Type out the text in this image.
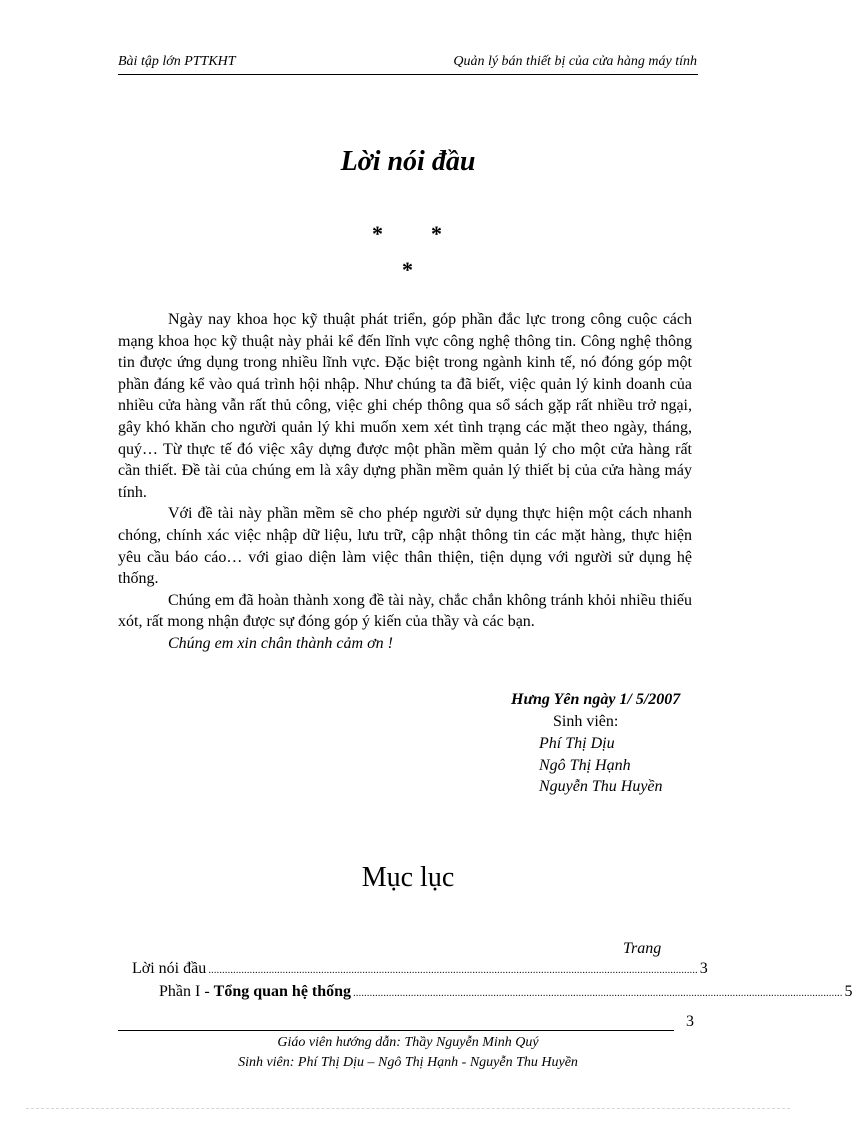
Bài tập lớn PTTKHT	Quản lý bán thiết bị của cửa hàng máy tính
Lời nói đầu
* *
*

Ngày nay khoa học kỹ thuật phát triển, góp phần đắc lực trong công cuộc cách mạng khoa học kỹ thuật này phải kể đến lĩnh vực công nghệ thông tin. Công nghệ thông tin được ứng dụng trong nhiều lĩnh vực. Đặc biệt trong ngành kinh tế, nó đóng góp một phần đáng kể vào quá trình hội nhập. Như chúng ta đã biết, việc quản lý kinh doanh của nhiều cửa hàng vẫn rất thủ công, việc ghi chép thông qua sổ sách gặp rất nhiều trở ngại, gây khó khăn cho người quản lý khi muốn xem xét tình trạng các mặt theo ngày, tháng, quý… Từ thực tế đó việc xây dựng được một phần mềm quản lý cho một cửa hàng rất cần thiết. Đề tài của chúng em là xây dựng phần mềm quản lý thiết bị của cửa hàng máy tính.

Với đề tài này phần mềm sẽ cho phép người sử dụng thực hiện một cách nhanh chóng, chính xác việc nhập dữ liệu, lưu trữ, cập nhật thông tin các mặt hàng, thực hiện yêu cầu báo cáo… với giao diện làm việc thân thiện, tiện dụng với người sử dụng hệ thống.

Chúng em đã hoàn thành xong đề tài này, chắc chắn không tránh khỏi nhiều thiếu xót, rất mong nhận được sự đóng góp ý kiến của thầy và các bạn.

Chúng em xin chân thành cảm ơn !

Hưng Yên ngày 1/ 5/2007
Sinh viên:
Phí Thị Dịu
Ngô Thị Hạnh
Nguyễn Thu Huyền
Mục lục
Trang
Lời nói đầu .................................................................................................................................................................................. 3
Phần I - Tổng quan hệ thống .................................................................................................................................................................................. 5
3
Giáo viên hướng dẫn: Thầy Nguyễn Minh Quý
Sinh viên: Phí Thị Dịu – Ngô Thị Hạnh - Nguyễn Thu Huyền
